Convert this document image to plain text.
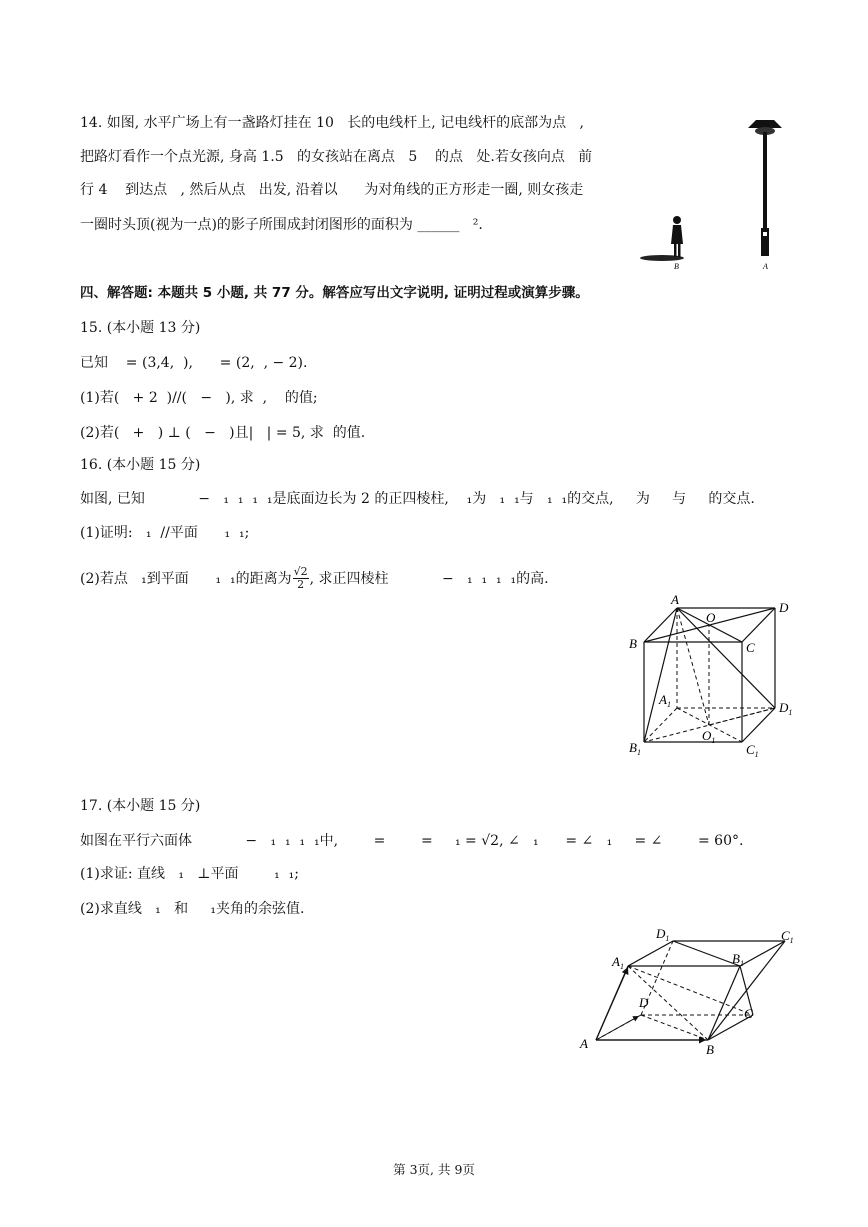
14. 如图, 水平广场上有一盏路灯挂在 10   长的电线杆上, 记电线杆的底部为点   ,
把路灯看作一个点光源, 身高 1.5   的女孩站在离点   5    的点   处.若女孩向点   前
行 4    到达点   , 然后从点   出发, 沿着以      为对角线的正方形走一圈, 则女孩走
一圈时头顶(视为一点)的影子所围成封闭图形的面积为 ______   ².
B	A
四、解答题: 本题共 5 小题, 共 77 分。解答应写出文字说明, 证明过程或演算步骤。
15. (本小题 13 分)
已知    = (3,4,  ),      = (2,  , − 2).
(1)若(   + 2  )//(   −   ), 求  ,    的值;
(2)若(   +   ) ⊥ (   −   )且|   | = 5, 求  的值.
16. (本小题 15 分)
如图, 已知            −   ₁  ₁  ₁  ₁是底面边长为 2 的正四棱柱,    ₁为   ₁  ₁与   ₁  ₁的交点,     为     与     的交点.
(1)证明:   ₁  //平面      ₁  ₁;
(2)若点   ₁到平面      ₁  ₁的距离为 $\frac{√2}{2}$ , 求正四棱柱            −   ₁  ₁  ₁  ₁的高.
A
O
D
B	C
$A_1$	$D_1$
$B_1$
$O_1$
$C_1$
17. (本小题 15 分)
如图在平行六面体            −   ₁  ₁  ₁  ₁中,        =        =     ₁ = √2, ∠   ₁      = ∠   ₁     = ∠        = 60°.
(1)求证: 直线   ₁   ⊥平面        ₁  ₁;
(2)求直线   ₁   和     ₁夹角的余弦值.
A	B
C
D
$A_1$
$D_1$
$B_1$
$C_1$
第 3页, 共 9页
